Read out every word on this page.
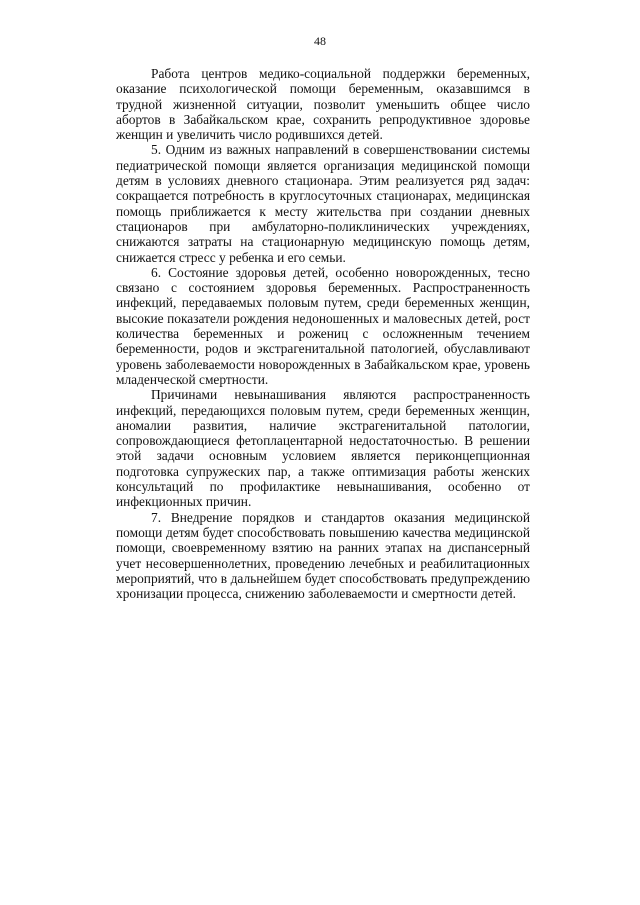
48

Работа центров медико-социальной поддержки беременных, оказание психологической помощи беременным, оказавшимся в трудной жизненной ситуации, позволит уменьшить общее число абортов в Забайкальском крае, сохранить репродуктивное здоровье женщин и увеличить число родившихся детей.

5. Одним из важных направлений в совершенствовании системы педиатрической помощи является организация медицинской помощи детям в условиях дневного стационара. Этим реализуется ряд задач: сокращается потребность в круглосуточных стационарах, медицинская помощь приближается к месту жительства при создании дневных стационаров при амбулаторно-поликлинических учреждениях, снижаются затраты на стационарную медицинскую помощь детям, снижается стресс у ребенка и его семьи.

6. Состояние здоровья детей, особенно новорожденных, тесно связано с состоянием здоровья беременных. Распространенность инфекций, передаваемых половым путем, среди беременных женщин, высокие показатели рождения недоношенных и маловесных детей, рост количества беременных и рожениц с осложненным течением беременности, родов и экстрагенитальной патологией, обуславливают уровень заболеваемости новорожденных в Забайкальском крае, уровень младенческой смертности.

Причинами невынашивания являются распространенность инфекций, передающихся половым путем, среди беременных женщин, аномалии развития, наличие экстрагенитальной патологии, сопровождающиеся фетоплацентарной недостаточностью. В решении этой задачи основным условием является периконцепционная подготовка супружеских пар, а также оптимизация работы женских консультаций по профилактике невынашивания, особенно от инфекционных причин.

7. Внедрение порядков и стандартов оказания медицинской помощи детям будет способствовать повышению качества медицинской помощи, своевременному взятию на ранних этапах на диспансерный учет несовершеннолетних, проведению лечебных и реабилитационных мероприятий, что в дальнейшем будет способствовать предупреждению хронизации процесса, снижению заболеваемости и смертности детей.
